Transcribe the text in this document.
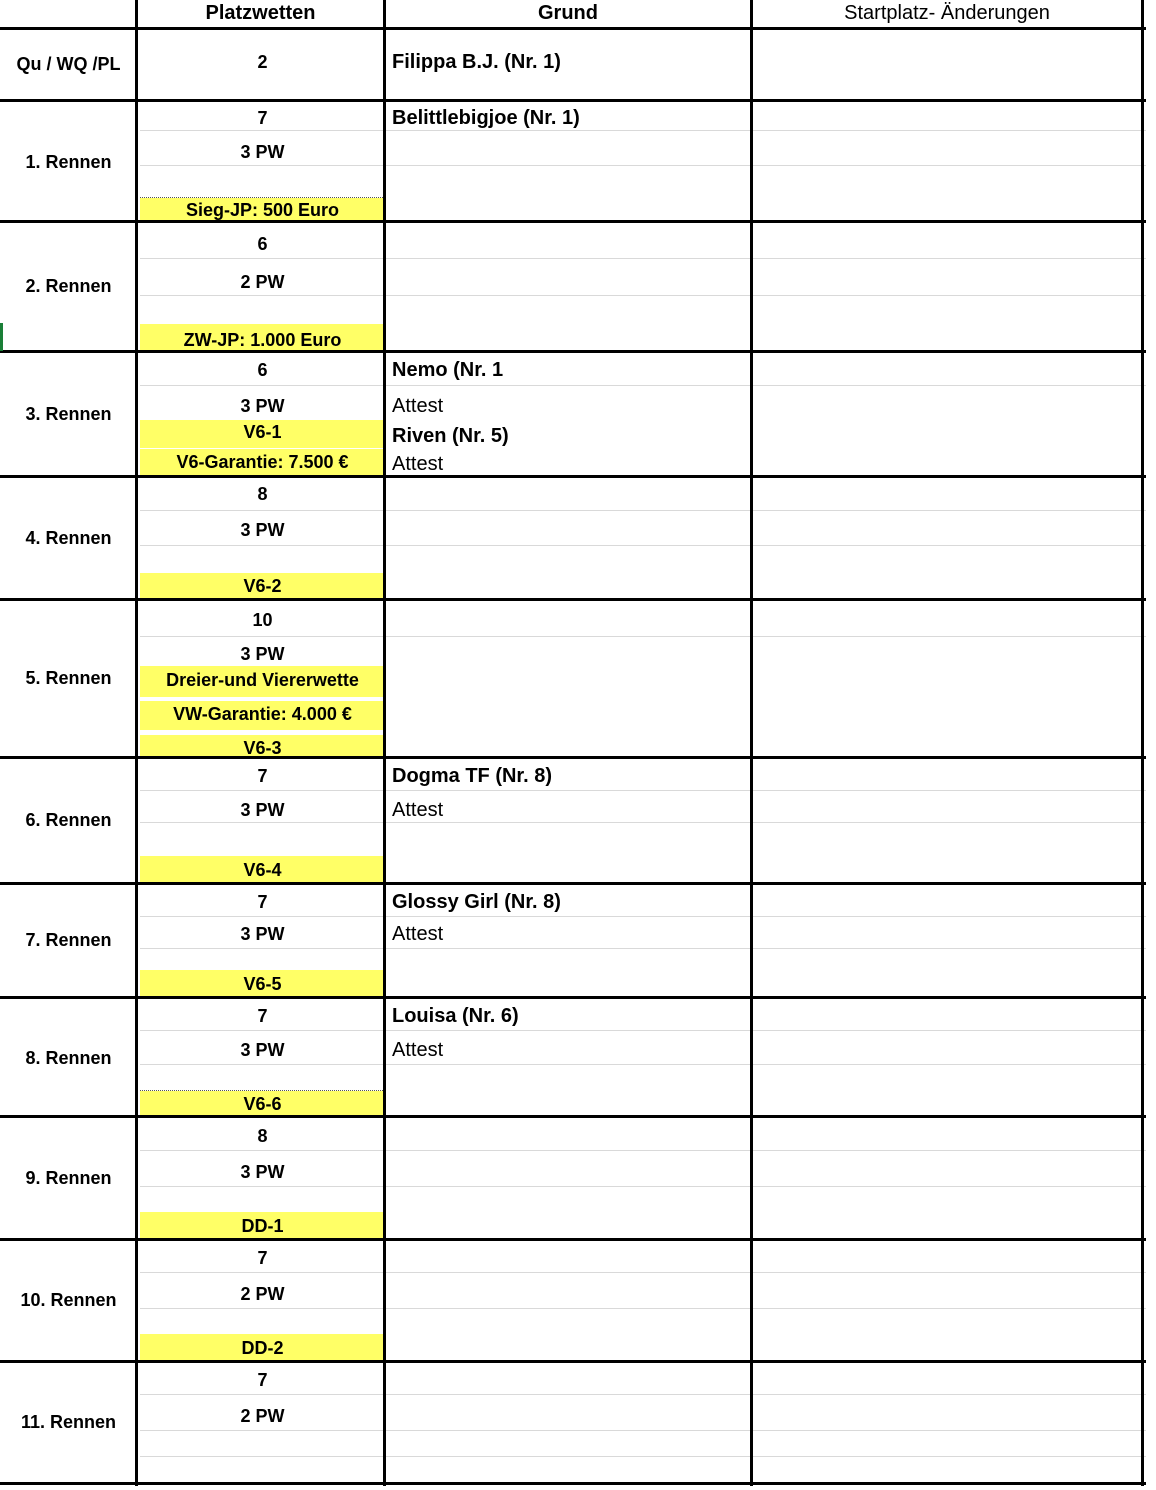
Platzwetten	Grund	Startplatz- Änderungen
Qu / WQ /PL
1. Rennen
2. Rennen
3. Rennen
4. Rennen
5. Rennen
6. Rennen
7. Rennen
8. Rennen
9. Rennen
10. Rennen
11. Rennen
2
7
6
6
8
10
7
7
7
8
7
7
3 PW
2 PW
3 PW
3 PW
3 PW
3 PW
3 PW
3 PW
3 PW
2 PW
2 PW
Sieg-JP: 500 Euro
ZW-JP: 1.000 Euro
V6-1
V6-Garantie: 7.500 €
V6-2
Dreier-und Viererwette
VW-Garantie: 4.000 €
V6-3
V6-4
V6-5
V6-6
DD-1
DD-2
Filippa B.J. (Nr. 1)
Belittlebigjoe (Nr. 1)
Nemo (Nr. 1
Attest
Riven (Nr. 5)
Attest
Dogma TF (Nr. 8)
Attest
Glossy Girl (Nr. 8)
Attest
Louisa (Nr. 6)
Attest
